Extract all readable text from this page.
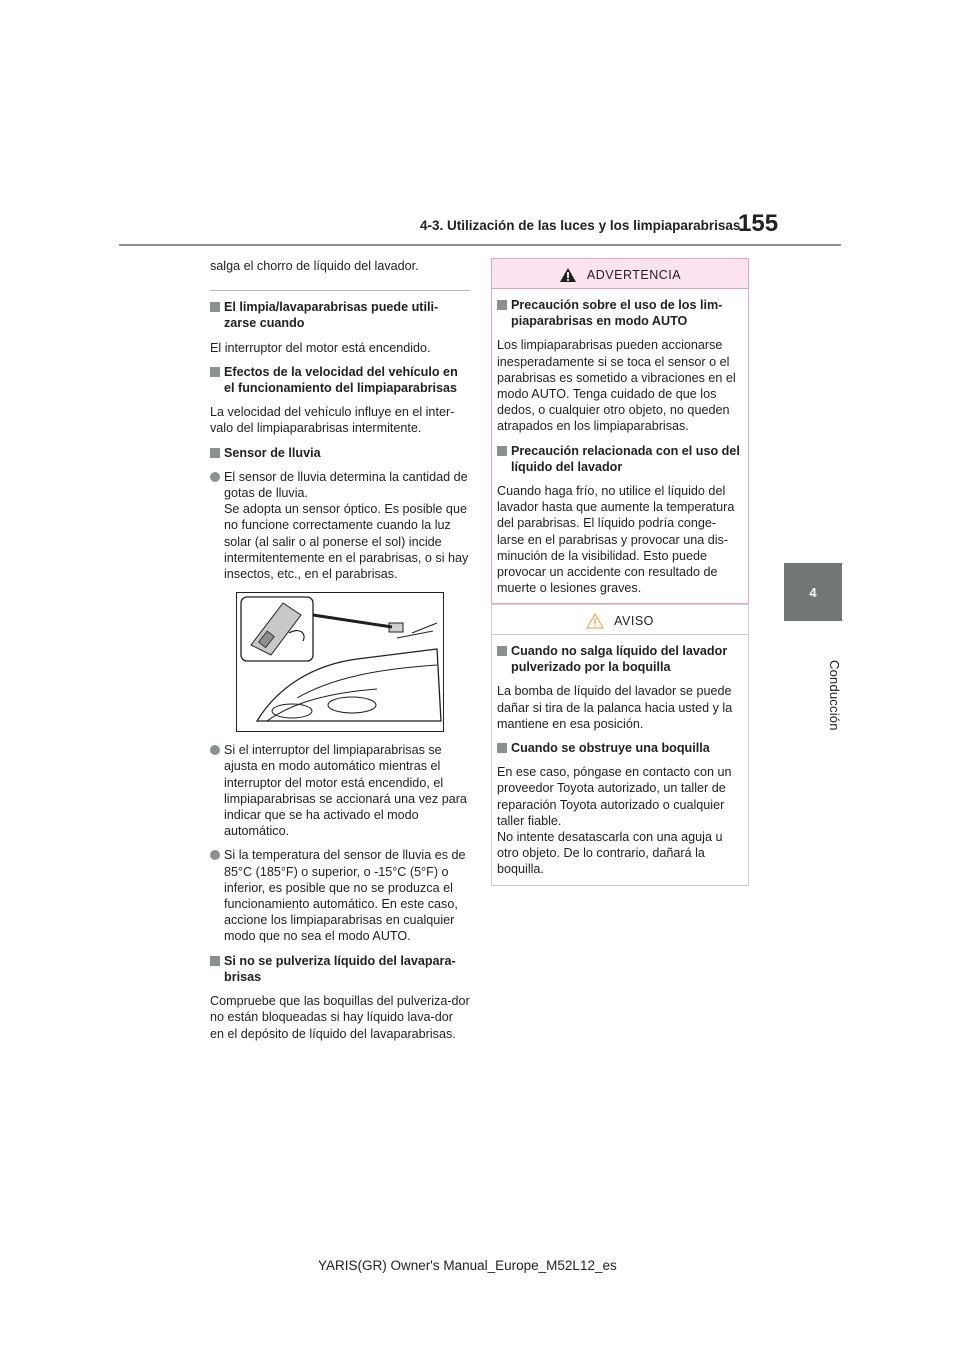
4-3. Utilización de las luces y los limpiaparabrisas
155
4
Conducción

salga el chorro de líquido del lavador.

El limpia/lavaparabrisas puede utili-zarse cuando

El interruptor del motor está encendido.

Efectos de la velocidad del vehículo en el funcionamiento del limpiaparabrisas

La velocidad del vehículo influye en el inter-valo del limpiaparabrisas intermitente.

Sensor de lluvia

El sensor de lluvia determina la cantidad de gotas de lluvia.
Se adopta un sensor óptico. Es posible que no funcione correctamente cuando la luz solar (al salir o al ponerse el sol) incide intermitentemente en el parabrisas, o si hay insectos, etc., en el parabrisas.
Si el interruptor del limpiaparabrisas se ajusta en modo automático mientras el interruptor del motor está encendido, el limpiaparabrisas se accionará una vez para indicar que se ha activado el modo automático.
Si la temperatura del sensor de lluvia es de 85°C (185°F) o superior, o -15°C (5°F) o inferior, es posible que no se produzca el funcionamiento automático. En este caso, accione los limpiaparabrisas en cualquier modo que no sea el modo AUTO.

Si no se pulveriza líquido del lavapara-brisas

Compruebe que las boquillas del pulveriza-dor no están bloqueadas si hay líquido lava-dor en el depósito de líquido del lavaparabrisas.

ADVERTENCIA

Precaución sobre el uso de los lim-piaparabrisas en modo AUTO

Los limpiaparabrisas pueden accionarse inesperadamente si se toca el sensor o el parabrisas es sometido a vibraciones en el modo AUTO. Tenga cuidado de que los dedos, o cualquier otro objeto, no queden atrapados en los limpiaparabrisas.

Precaución relacionada con el uso del líquido del lavador

Cuando haga frío, no utilice el líquido del lavador hasta que aumente la temperatura del parabrisas. El líquido podría conge-larse en el parabrisas y provocar una dis-minución de la visibilidad. Esto puede provocar un accidente con resultado de muerte o lesiones graves.

AVISO

Cuando no salga líquido del lavador pulverizado por la boquilla

La bomba de líquido del lavador se puede dañar si tira de la palanca hacia usted y la mantiene en esa posición.

Cuando se obstruye una boquilla

En ese caso, póngase en contacto con un proveedor Toyota autorizado, un taller de reparación Toyota autorizado o cualquier taller fiable.
No intente desatascarla con una aguja u otro objeto. De lo contrario, dañará la boquilla.

YARIS(GR) Owner's Manual_Europe_M52L12_es
